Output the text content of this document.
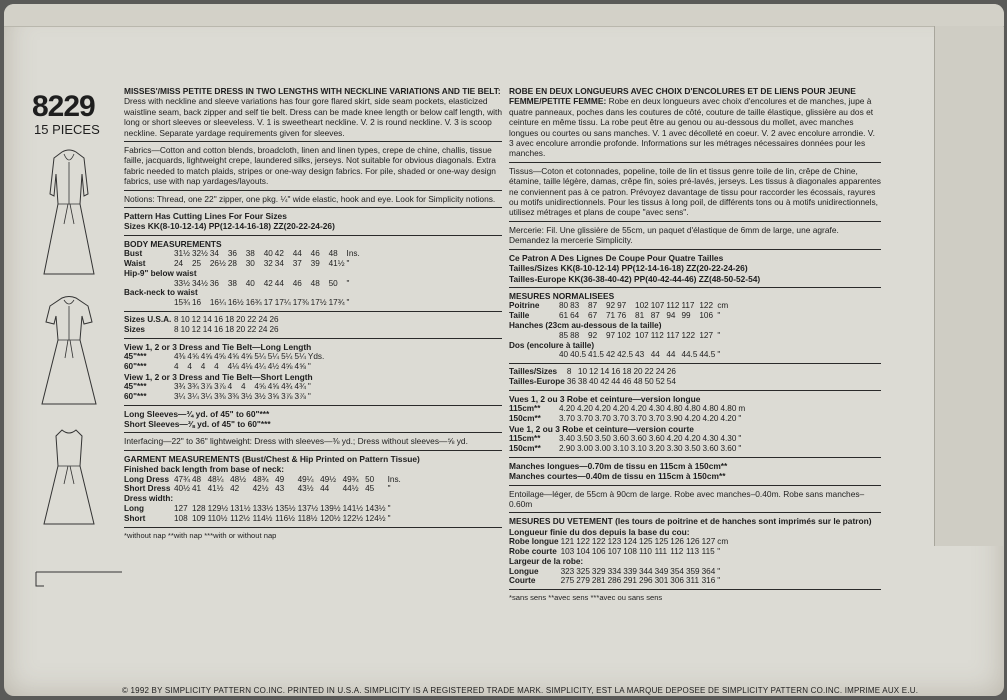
8229
15 PIECES

MISSES'/MISS PETITE DRESS IN TWO LENGTHS WITH NECKLINE VARIATIONS AND TIE BELT: Dress with neckline and sleeve variations has four gore flared skirt, side seam pockets, elasticized waistline seam, back zipper and self tie belt. Dress can be made knee length or below calf length, with long or short sleeves or sleeveless. V. 1 is sweetheart neckline. V. 2 is round neckline. V. 3 is scoop neckline. Separate yardage requirements given for sleeves.

Fabrics—Cotton and cotton blends, broadcloth, linen and linen types, crepe de chine, challis, tissue faille, jacquards, lightweight crepe, laundered silks, jerseys. Not suitable for obvious diagonals. Extra fabric needed to match plaids, stripes or one-way design fabrics. For pile, shaded or one-way design fabrics, use with nap yardages/layouts.

Notions: Thread, one 22" zipper, one pkg. ¼" wide elastic, hook and eye. Look for Simplicity notions.

Pattern Has Cutting Lines For Four Sizes

Sizes KK(8-10-12-14) PP(12-14-16-18) ZZ(20-22-24-26)

BODY MEASUREMENTS

Bust	31½	32½	34	36	38	40	42	44	46	48	Ins.
Waist	24	25	26½	28	30	32	34	37	39	41½	"
Hip-9" below waist											
	33½	34½	36	38	40	42	44	46	48	50	"
Back-neck to waist											
	15¾	16	16¼	16½	16¾	17	17¼	17⅜	17½	17¾	"
Sizes U.S.A.	8	10	12	14	16	18	20	22	24	26	
Sizes	8	10	12	14	16	18	20	22	24	26	

View 1, 2 or 3 Dress and Tie Belt—Long Length

45"***	4⅜	4⅝	4⅝	4⅝	4⅝	4⅝	5¼	5¼	5¼	5¼	Yds.
60"***	4	4	4	4	4⅛	4⅛	4¼	4½	4⅝	4⅝	"

View 1, 2 or 3 Dress and Tie Belt—Short Length

45"***	3¾	3¾	3⅞	3⅞	4	4	4⅝	4⅝	4¾	4¾	"
60"***	3¼	3¼	3¼	3⅜	3⅜	3½	3½	3⅝	3⅞	3⅞	"

Long Sleeves—¾ yd. of 45" to 60"***

Short Sleeves—⅜ yd. of 45" to 60"***

Interfacing—22" to 36" lightweight: Dress with sleeves—⅜ yd.; Dress without sleeves—⅝ yd.

GARMENT MEASUREMENTS (Bust/Chest & Hip Printed on Pattern Tissue)

Finished back length from base of neck:

Long Dress	47¾	48	48¼	48½	48¾	49	49¼	49½	49¾	50	Ins.
Short Dress	40½	41	41½	42	42½	43	43½	44	44½	45	"
Dress width:											
Long	127	128	129½	131½	133½	135½	137½	139½	141½	143½	"
Short	108	109	110½	112½	114½	116½	118½	120½	122½	124½	"

*without nap **with nap ***with or without nap

ROBE EN DEUX LONGUEURS AVEC CHOIX D'ENCOLURES ET DE LIENS POUR JEUNE FEMME/PETITE FEMME: Robe en deux longueurs avec choix d'encolures et de manches, jupe à quatre panneaux, poches dans les coutures de côté, couture de taille élastique, glissière au dos et ceinture en même tissu. La robe peut être au genou ou au-dessous du mollet, avec manches longues ou courtes ou sans manches. V. 1 avec décolleté en coeur. V. 2 avec encolure arrondie. V. 3 avec encolure arrondie profonde. Informations sur les métrages nécessaires données pour les manches.

Tissus—Coton et cotonnades, popeline, toile de lin et tissus genre toile de lin, crêpe de Chine, étamine, taille légère, damas, crêpe fin, soies pré-lavés, jerseys. Les tissus à diagonales apparentes ne conviennent pas à ce patron. Prévoyez davantage de tissu pour raccorder les écossais, rayures ou motifs unidirectionnels. Pour les tissus à long poil, de différents tons ou à motifs unidirectionnels, utilisez métrages et plans de coupe "avec sens".

Mercerie: Fil. Une glissière de 55cm, un paquet d'élastique de 6mm de large, une agrafe. Demandez la mercerie Simplicity.

Ce Patron A Des Lignes De Coupe Pour Quatre Tailles

Tailles/Sizes KK(8-10-12-14) PP(12-14-16-18) ZZ(20-22-24-26)

Tailles-Europe KK(36-38-40-42) PP(40-42-44-46) ZZ(48-50-52-54)

MESURES NORMALISEES

Poitrine	80	83	87	92	97	102	107	112	117	122	cm
Taille	61	64	67	71	76	81	87	94	99	106	"
Hanches (23cm au-dessous de la taille)											
	85	88	92	97	102	107	112	117	122	127	"
Dos (encolure à taille)											
	40	40.5	41.5	42	42.5	43	44	44	44.5	44.5	"
Tailles/Sizes	8	10	12	14	16	18	20	22	24	26	
Tailles-Europe	36	38	40	42	44	46	48	50	52	54	

Vues 1, 2 ou 3 Robe et ceinture—version longue

115cm**	4.20	4.20	4.20	4.20	4.20	4.30	4.80	4.80	4.80	4.80	m
150cm**	3.70	3.70	3.70	3.70	3.70	3.70	3.90	4.20	4.20	4.20	"

Vue 1, 2 ou 3 Robe et ceinture—version courte

115cm**	3.40	3.50	3.50	3.60	3.60	3.60	4.20	4.20	4.30	4.30	"
150cm**	2.90	3.00	3.00	3.10	3.10	3.20	3.30	3.50	3.60	3.60	"

Manches longues—0.70m de tissu en 115cm à 150cm**

Manches courtes—0.40m de tissu en 115cm à 150cm**

Entoilage—léger, de 55cm à 90cm de large. Robe avec manches–0.40m. Robe sans manches–0.60m

MESURES DU VETEMENT (les tours de poitrine et de hanches sont imprimés sur le patron)

Longueur finie du dos depuis la base du cou:

Robe longue	121	122	122	123	124	125	125	126	126	127	cm
Robe courte	103	104	106	107	108	110	111	112	113	115	"
Largeur de la robe:											
Longue	323	325	329	334	339	344	349	354	359	364	"
Courte	275	279	281	286	291	296	301	306	311	316	"

*sans sens **avec sens ***avec ou sans sens

© 1992 BY SIMPLICITY PATTERN CO.INC. PRINTED IN U.S.A. SIMPLICITY IS A REGISTERED TRADE MARK. SIMPLICITY, EST LA MARQUE DEPOSEE DE SIMPLICITY PATTERN CO.INC. IMPRIME AUX E.U.
